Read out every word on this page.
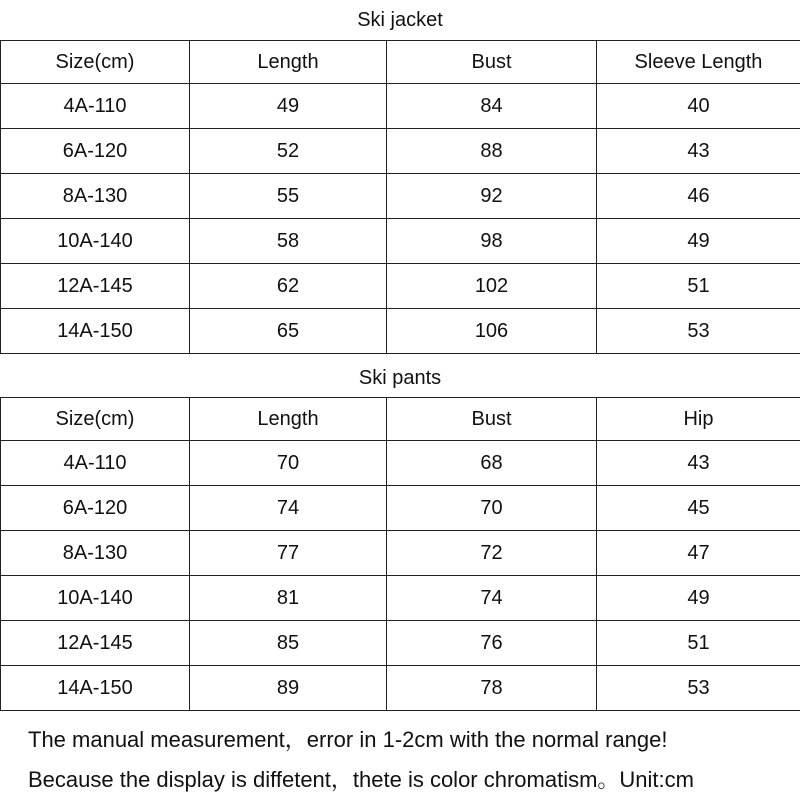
Ski jacket
Size(cm)	Length	Bust	Sleeve Length
4A-110	49	84	40
6A-120	52	88	43
8A-130	55	92	46
10A-140	58	98	49
12A-145	62	102	51
14A-150	65	106	53
Ski pants
Size(cm)	Length	Bust	Hip
4A-110	70	68	43
6A-120	74	70	45
8A-130	77	72	47
10A-140	81	74	49
12A-145	85	76	51
14A-150	89	78	53
The manual measurement，error in 1-2cm with the normal range!
Because the display is diffetent，thete is color chromatism。Unit:cm
